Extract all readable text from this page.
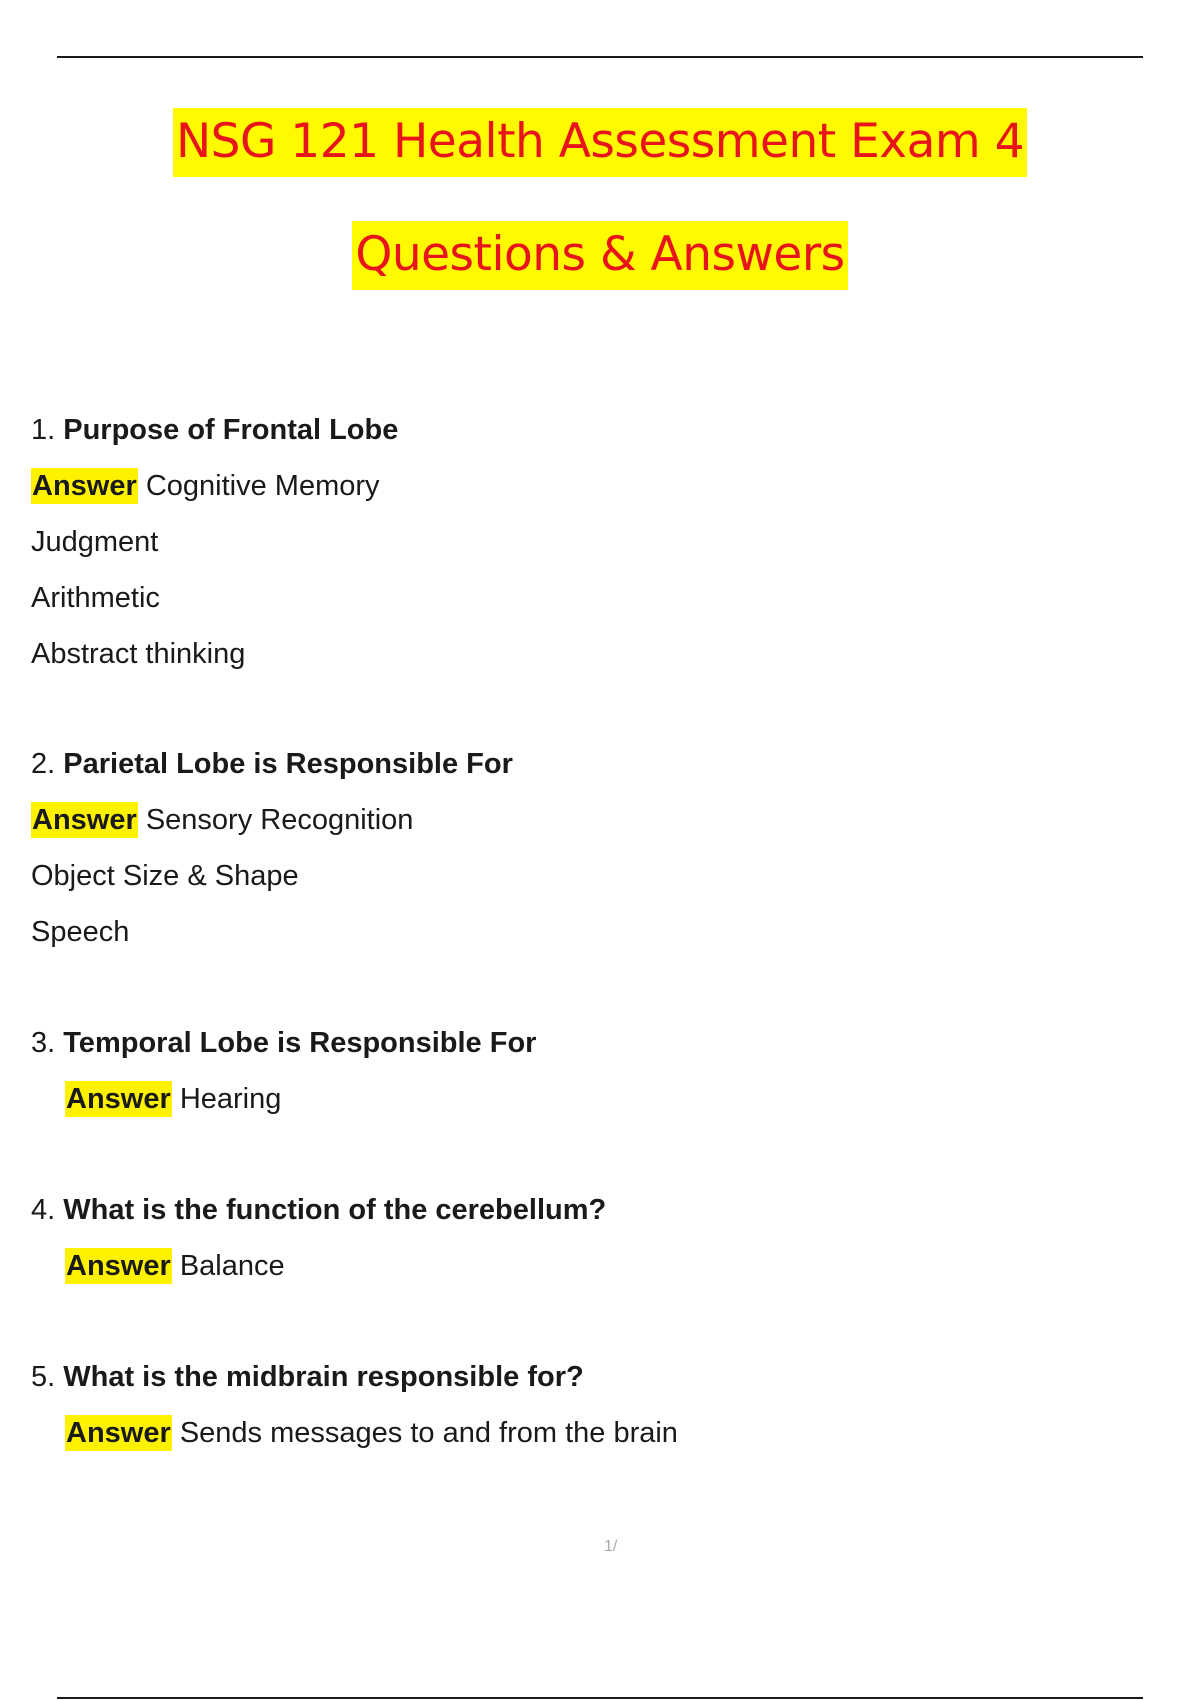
NSG 121 Health Assessment Exam 4
Questions & Answers
1. Purpose of Frontal Lobe
Answer Cognitive Memory
Judgment
Arithmetic
Abstract thinking
2. Parietal Lobe is Responsible For
Answer Sensory Recognition
Object Size & Shape
Speech
3. Temporal Lobe is Responsible For
Answer Hearing
4. What is the function of the cerebellum?
Answer Balance
5. What is the midbrain responsible for?
Answer Sends messages to and from the brain
1/
